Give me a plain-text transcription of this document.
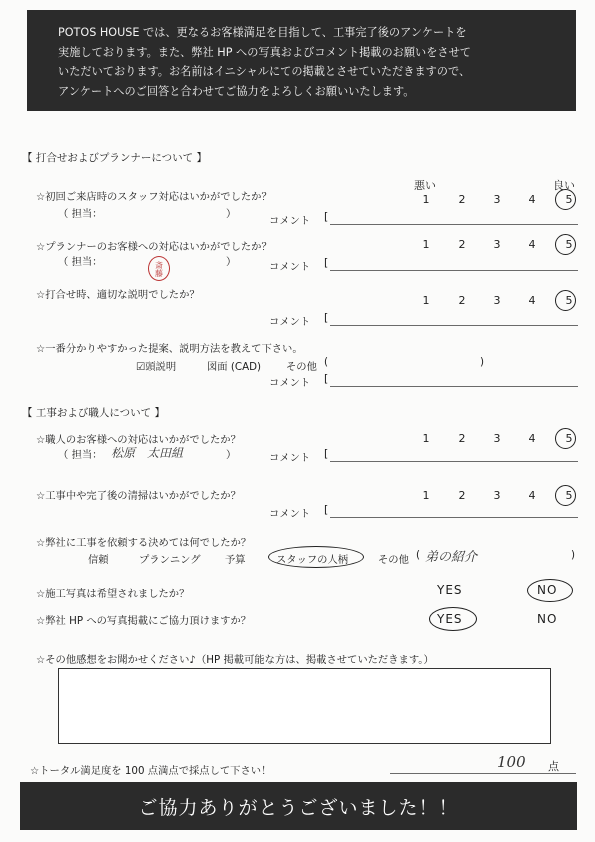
POTOS HOUSE では、更なるお客様満足を目指して、工事完了後のアンケートを
実施しております。また、弊社 HP への写真およびコメント掲載のお願いをさせて
いただいております。お名前はイニシャルにての掲載とさせていただきますので、
アンケートへのご回答と合わせてご協力をよろしくお願いいたします。
【 打合せおよびプランナーについて 】
悪い	良い
☆初回ご来店時のスタッフ対応はいかがでしたか？
（ 担当：	）
1	2	3	4	5
コメント [
☆プランナーのお客様への対応はいかがでしたか？
（ 担当：	斎藤	）
1	2	3	4	5
コメント [
☆打合せ時、適切な説明でしたか？	1	2	3	4	5
コメント [
☆一番分かりやすかった提案、説明方法を教えて下さい。
☑頭説明	図面 (CAD) その他 (	)
コメント [
【 工事および職人について 】
☆職人のお客様への対応はいかがでしたか？
（ 担当： 松原　太田組	）
1	2	3	4	5
コメント [
☆工事中や完了後の清掃はいかがでしたか？	1	2	3	4	5
コメント [
☆弊社に工事を依頼する決めては何でしたか？
信頼	プランニング 予算	スタッフの人柄	その他 ( 弟の紹介	)
☆施工写真は希望されましたか？	YES	NO
☆弊社 HP への写真掲載にご協力頂けますか？	YES	NO
☆その他感想をお聞かせください♪（HP 掲載可能な方は、掲載させていただきます。）
☆トータル満足度を 100 点満点で採点して下さい！	100 点
ご協力ありがとうございました！！
